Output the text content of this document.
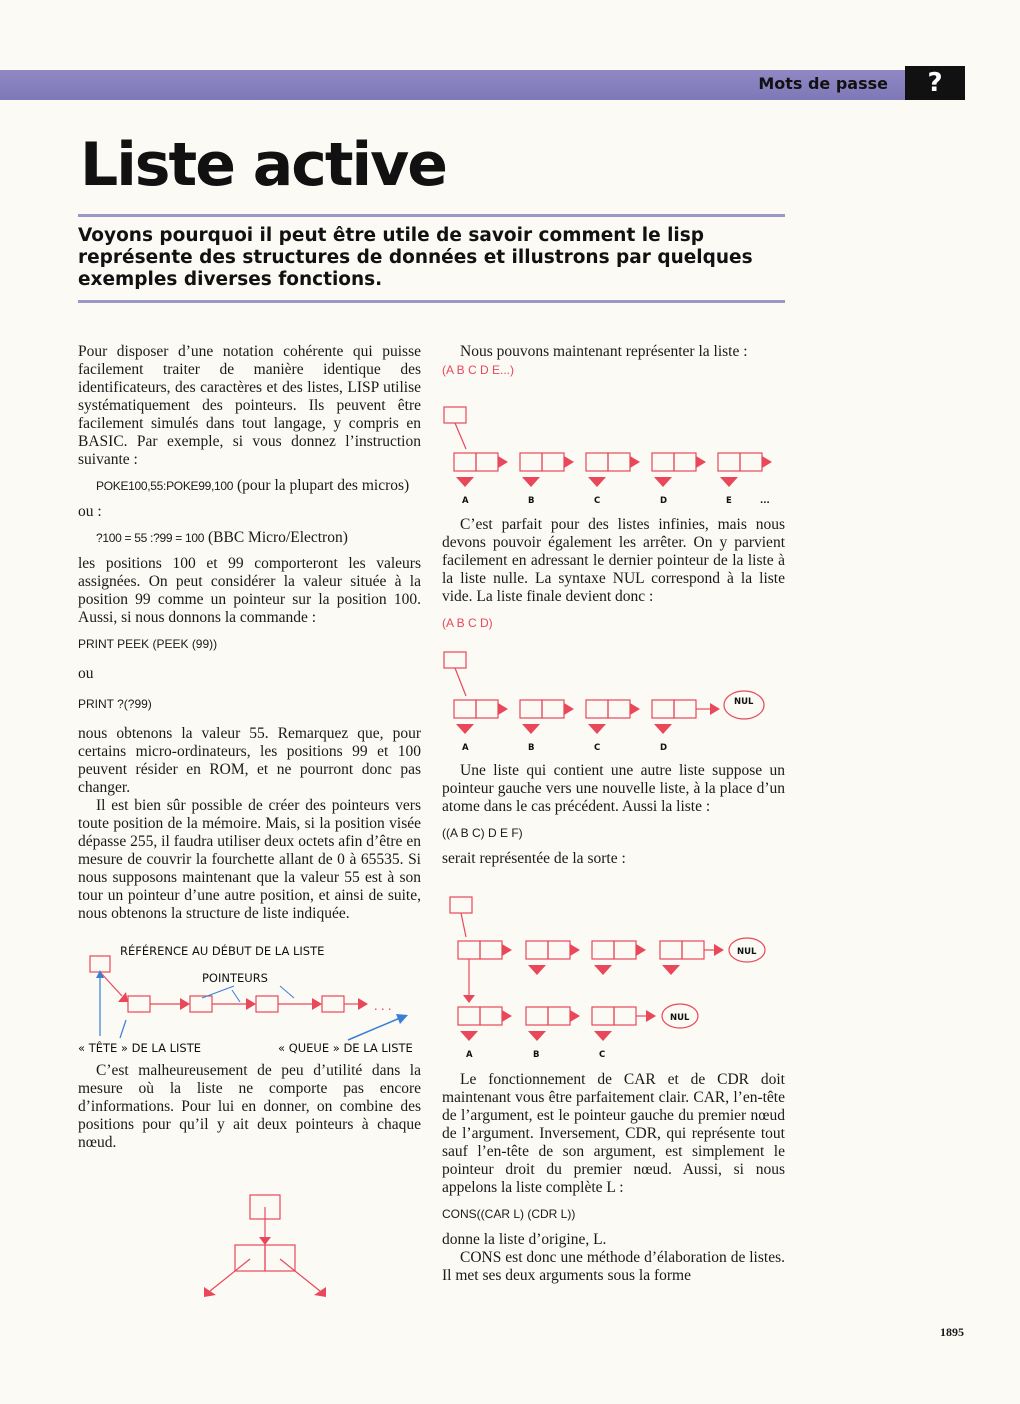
Mots de passe	?
Liste active
Voyons pourquoi il peut être utile de savoir comment le lisp représente des structures de données et illustrons par quelques exemples diverses fonctions.

Pour disposer d’une notation cohérente qui puisse facilement traiter de manière identique des identificateurs, des caractères et des listes, LISP utilise systématiquement des pointeurs. Ils peuvent être facilement simulés dans tout langage, y compris en BASIC. Par exemple, si vous donnez l’instruction suivante :

POKE100,55:POKE99,100 (pour la plupart des micros)

ou :

?100 = 55 :?99 = 100 (BBC Micro/Electron)

les positions 100 et 99 comporteront les valeurs assignées. On peut considérer la valeur située à la position 99 comme un pointeur sur la position 100. Aussi, si nous donnons la commande :

PRINT PEEK (PEEK (99))

ou

PRINT ?(?99)

nous obtenons la valeur 55. Remarquez que, pour certains micro-ordinateurs, les positions 99 et 100 peuvent résider en ROM, et ne pourront donc pas changer.

Il est bien sûr possible de créer des pointeurs vers toute position de la mémoire. Mais, si la position visée dépasse 255, il faudra utiliser deux octets afin d’être en mesure de couvrir la fourchette allant de 0 à 65535. Si nous supposons maintenant que la valeur 55 est à son tour un pointeur d’une autre position, et ainsi de suite, nous obtenons la structure de liste indiquée.

RÉFÉRENCE AU DÉBUT DE LA LISTE
POINTEURS
. . .
« TÊTE » DE LA LISTE	« QUEUE » DE LA LISTE

C’est malheureusement de peu d’utilité dans la mesure où la liste ne comporte pas encore d’informations. Pour lui en donner, on combine des positions pour qu’il y ait deux pointeurs à chaque nœud.

Nous pouvons maintenant représenter la liste :

(A B C D E...)

A	B	C	D	E	...

C’est parfait pour des listes infinies, mais nous devons pouvoir également les arrêter. On y parvient facilement en adressant le dernier pointeur de la liste à la liste nulle. La syntaxe NUL correspond à la liste vide. La liste finale devient donc :

(A B C D)

NUL
A	B	C	D

Une liste qui contient une autre liste suppose un pointeur gauche vers une nouvelle liste, à la place d’un atome dans le cas précédent. Aussi la liste :

((A B C) D E F)

serait représentée de la sorte :

NUL
NUL
A	B	C

Le fonctionnement de CAR et de CDR doit maintenant vous être parfaitement clair. CAR, l’en-tête de l’argument, est le pointeur gauche du premier nœud de l’argument. Inversement, CDR, qui représente tout sauf l’en-tête de son argument, est simplement le pointeur droit du premier nœud. Aussi, si nous appelons la liste complète L :

CONS((CAR L) (CDR L))

donne la liste d’origine, L.

CONS est donc une méthode d’élaboration de listes. Il met ses deux arguments sous la forme

1895
